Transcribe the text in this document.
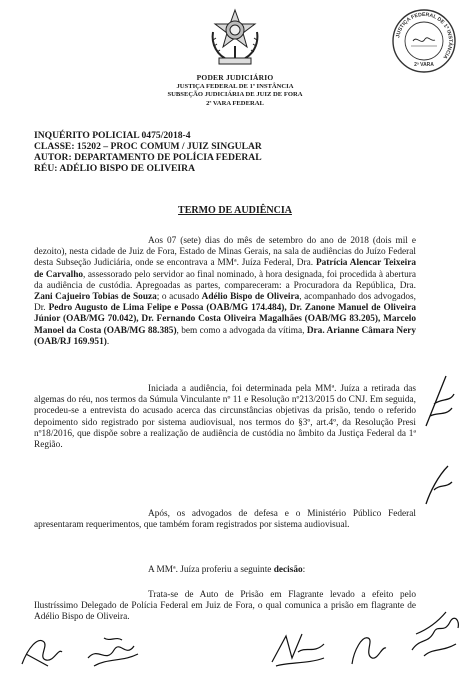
PODER JUDICIÁRIO
JUSTIÇA FEDERAL DE 1ª INSTÂNCIA
SUBSEÇÃO JUDICIÁRIA DE JUIZ DE FORA
2ª VARA FEDERAL
JUSTIÇA FEDERAL DE 1ª INSTÂNCIA
2ª VARA
INQUÉRITO POLICIAL 0475/2018-4
CLASSE: 15202 – PROC COMUM / JUIZ SINGULAR
AUTOR: DEPARTAMENTO DE POLÍCIA FEDERAL
RÉU: ADÉLIO BISPO DE OLIVEIRA
TERMO DE AUDIÊNCIA
Aos 07 (sete) dias do mês de setembro do ano de 2018 (dois mil e dezoito), nesta cidade de Juiz de Fora, Estado de Minas Gerais, na sala de audiências do Juízo Federal desta Subseção Judiciária, onde se encontrava a MMª. Juíza Federal, Dra. Patrícia Alencar Teixeira de Carvalho, assessorado pelo servidor ao final nominado, à hora designada, foi procedida à abertura da audiência de custódia. Apregoadas as partes, compareceram: a Procuradora da República, Dra. Zani Cajueiro Tobias de Souza; o acusado Adélio Bispo de Oliveira, acompanhado dos advogados, Dr. Pedro Augusto de Lima Felipe e Possa (OAB/MG 174.484), Dr. Zanone Manuel de Oliveira Júnior (OAB/MG 70.042), Dr. Fernando Costa Oliveira Magalhães (OAB/MG 83.205), Marcelo Manoel da Costa (OAB/MG 88.385), bem como a advogada da vítima, Dra. Arianne Câmara Nery (OAB/RJ 169.951).
Iniciada a audiência, foi determinada pela MMª. Juíza a retirada das algemas do réu, nos termos da Súmula Vinculante nº 11 e Resolução nº213/2015 do CNJ. Em seguida, procedeu-se a entrevista do acusado acerca das circunstâncias objetivas da prisão, tendo o referido depoimento sido registrado por sistema audiovisual, nos termos do §3º, art.4º, da Resolução Presi nº18/2016, que dispõe sobre a realização de audiência de custódia no âmbito da Justiça Federal da 1ª Região.
Após, os advogados de defesa e o Ministério Público Federal apresentaram requerimentos, que também foram registrados por sistema audiovisual.
A MMª. Juíza proferiu a seguinte decisão:
Trata-se de Auto de Prisão em Flagrante levado a efeito pelo Ilustríssimo Delegado de Polícia Federal em Juiz de Fora, o qual comunica a prisão em flagrante de Adélio Bispo de Oliveira.
